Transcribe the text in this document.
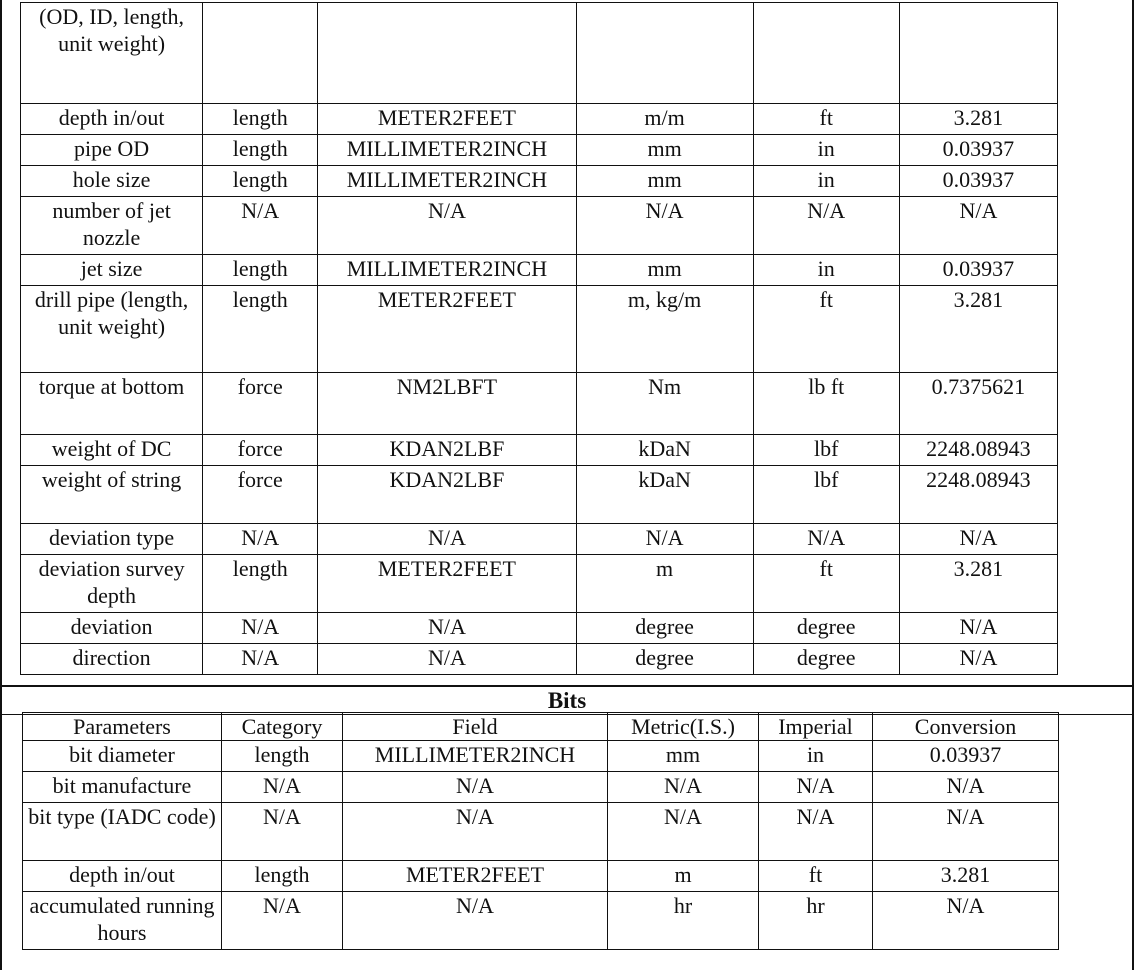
(OD, ID, length, unit weight)					
depth in/out	length	METER2FEET	m/m	ft	3.281
pipe OD	length	MILLIMETER2INCH	mm	in	0.03937
hole size	length	MILLIMETER2INCH	mm	in	0.03937
number of jet nozzle	N/A	N/A	N/A	N/A	N/A
jet size	length	MILLIMETER2INCH	mm	in	0.03937
drill pipe (length, unit weight)	length	METER2FEET	m, kg/m	ft	3.281
torque at bottom	force	NM2LBFT	Nm	lb ft	0.7375621
weight of DC	force	KDAN2LBF	kDaN	lbf	2248.08943
weight of string	force	KDAN2LBF	kDaN	lbf	2248.08943
deviation type	N/A	N/A	N/A	N/A	N/A
deviation survey depth	length	METER2FEET	m	ft	3.281
deviation	N/A	N/A	degree	degree	N/A
direction	N/A	N/A	degree	degree	N/A
Bits
Parameters	Category	Field	Metric(I.S.)	Imperial	Conversion
bit diameter	length	MILLIMETER2INCH	mm	in	0.03937
bit manufacture	N/A	N/A	N/A	N/A	N/A
bit type (IADC code)	N/A	N/A	N/A	N/A	N/A
depth in/out	length	METER2FEET	m	ft	3.281
accumulated running hours	N/A	N/A	hr	hr	N/A
